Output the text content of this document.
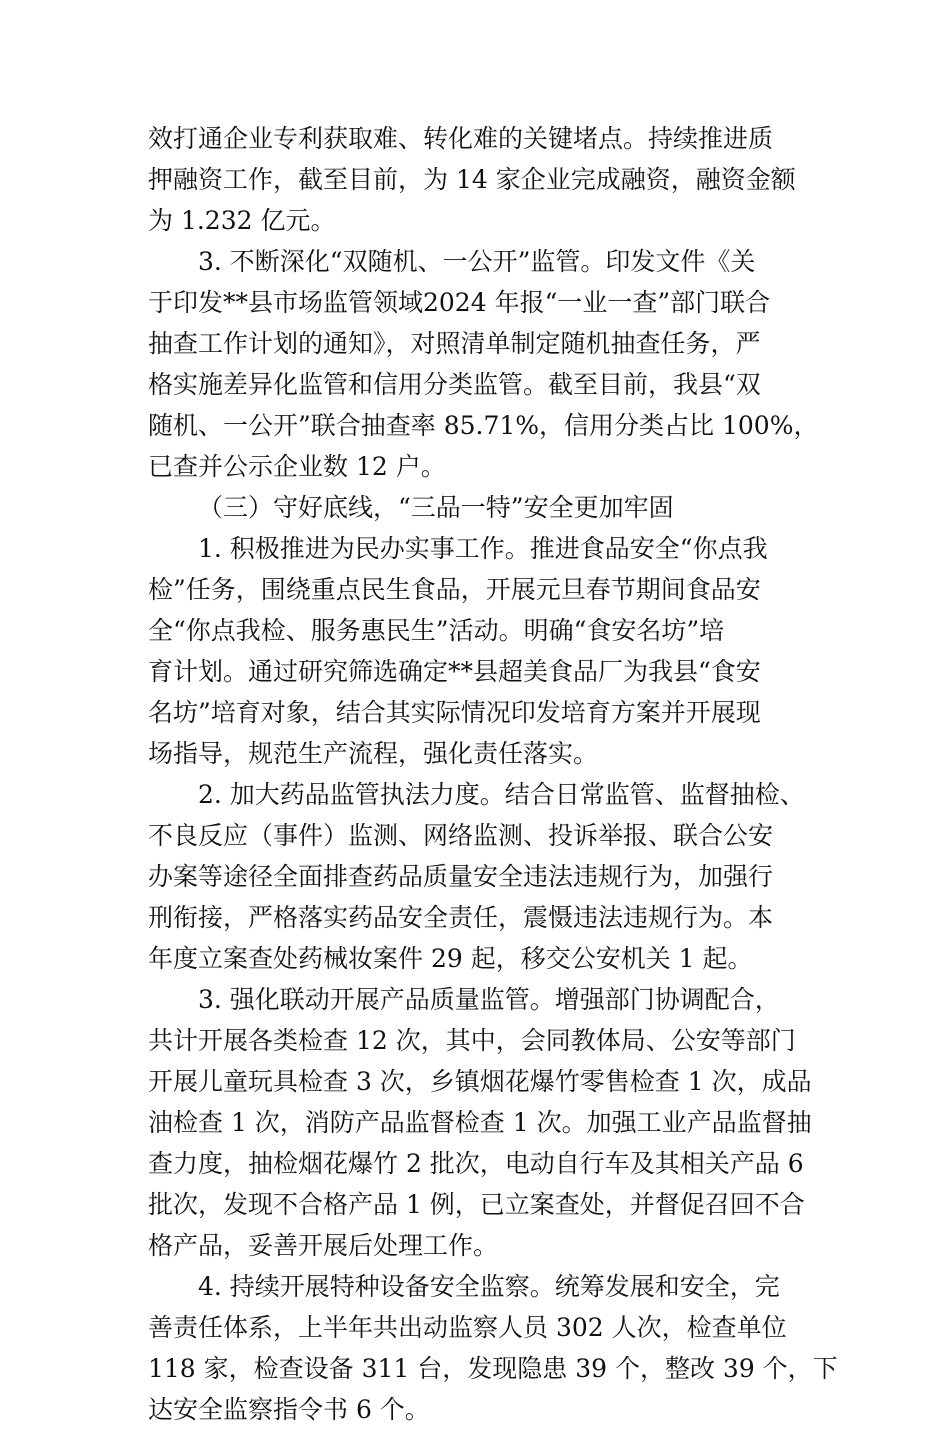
效打通企业专利获取难、转化难的关键堵点。持续推进质
押融资工作，截至目前，为 14 家企业完成融资，融资金额
为 1.232 亿元。
3. 不断深化“双随机、一公开”监管。印发文件《关
于印发**县市场监管领域2024 年报“一业一查”部门联合
抽查工作计划的通知》，对照清单制定随机抽查任务，严
格实施差异化监管和信用分类监管。截至目前，我县“双
随机、一公开”联合抽查率 85.71%，信用分类占比 100%，
已查并公示企业数 12 户。
（三）守好底线，“三品一特”安全更加牢固
1. 积极推进为民办实事工作。推进食品安全“你点我
检”任务，围绕重点民生食品，开展元旦春节期间食品安
全“你点我检、服务惠民生”活动。明确“食安名坊”培
育计划。通过研究筛选确定**县超美食品厂为我县“食安
名坊”培育对象，结合其实际情况印发培育方案并开展现
场指导，规范生产流程，强化责任落实。
2. 加大药品监管执法力度。结合日常监管、监督抽检、
不良反应（事件）监测、网络监测、投诉举报、联合公安
办案等途径全面排查药品质量安全违法违规行为，加强行
刑衔接，严格落实药品安全责任，震慑违法违规行为。本
年度立案查处药械妆案件 29 起，移交公安机关 1 起。
3. 强化联动开展产品质量监管。增强部门协调配合，
共计开展各类检查 12 次，其中，会同教体局、公安等部门
开展儿童玩具检查 3 次，乡镇烟花爆竹零售检查 1 次，成品
油检查 1 次，消防产品监督检查 1 次。加强工业产品监督抽
查力度，抽检烟花爆竹 2 批次，电动自行车及其相关产品 6
批次，发现不合格产品 1 例，已立案查处，并督促召回不合
格产品，妥善开展后处理工作。
4. 持续开展特种设备安全监察。统筹发展和安全，完
善责任体系，上半年共出动监察人员 302 人次，检查单位
118 家，检查设备 311 台，发现隐患 39 个，整改 39 个，下
达安全监察指令书 6 个。
